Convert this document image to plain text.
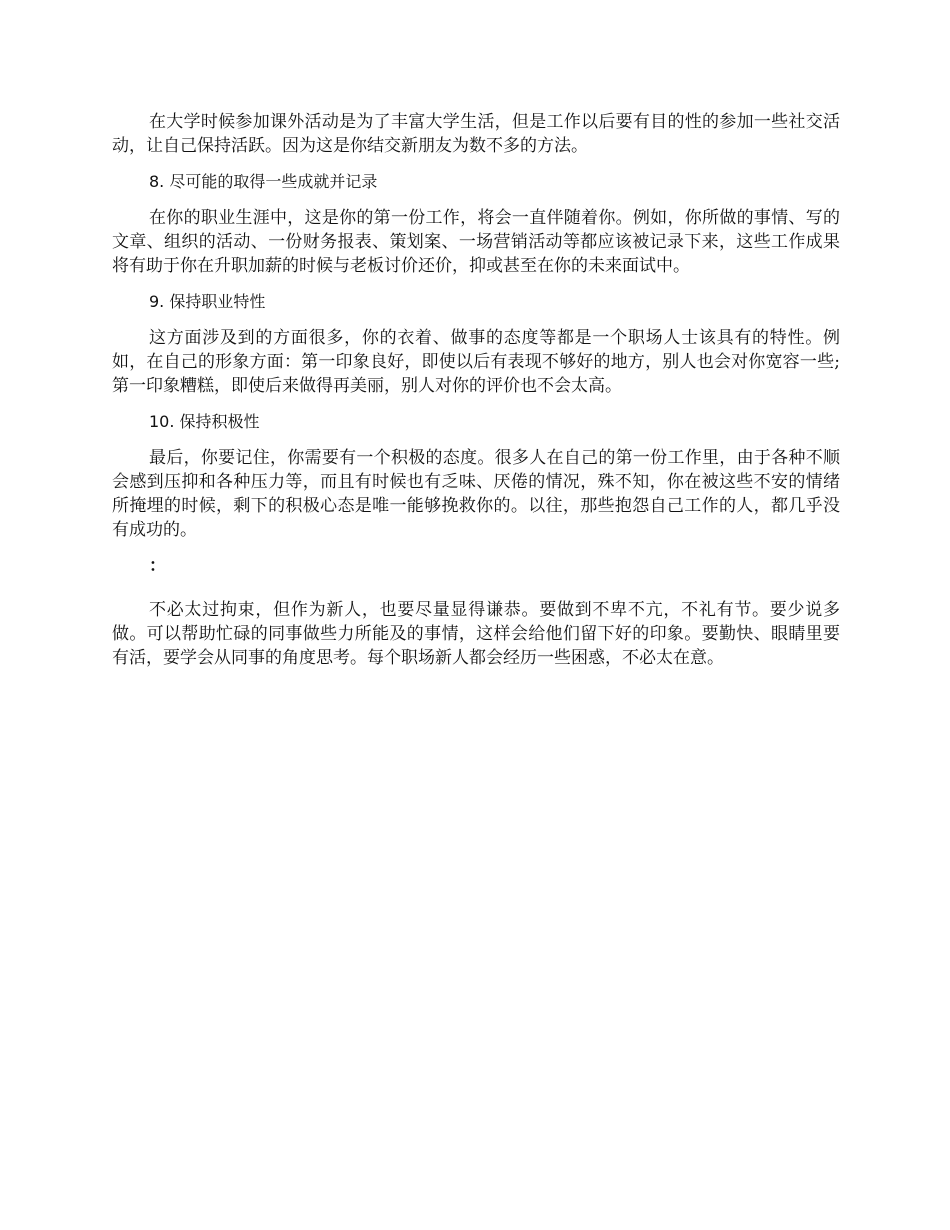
在大学时候参加课外活动是为了丰富大学生活，但是工作以后要有目的性的参加一些社交活动，让自己保持活跃。因为这是你结交新朋友为数不多的方法。

8. 尽可能的取得一些成就并记录

在你的职业生涯中，这是你的第一份工作，将会一直伴随着你。例如，你所做的事情、写的文章、组织的活动、一份财务报表、策划案、一场营销活动等都应该被记录下来，这些工作成果将有助于你在升职加薪的时候与老板讨价还价，抑或甚至在你的未来面试中。

9. 保持职业特性

这方面涉及到的方面很多，你的衣着、做事的态度等都是一个职场人士该具有的特性。例如，在自己的形象方面：第一印象良好，即使以后有表现不够好的地方，别人也会对你宽容一些;第一印象糟糕，即使后来做得再美丽，别人对你的评价也不会太高。

10. 保持积极性

最后，你要记住，你需要有一个积极的态度。很多人在自己的第一份工作里，由于各种不顺会感到压抑和各种压力等，而且有时候也有乏味、厌倦的情况，殊不知，你在被这些不安的情绪所掩埋的时候，剩下的积极心态是唯一能够挽救你的。以往，那些抱怨自己工作的人，都几乎没有成功的。

：

不必太过拘束，但作为新人，也要尽量显得谦恭。要做到不卑不亢，不礼有节。要少说多做。可以帮助忙碌的同事做些力所能及的事情，这样会给他们留下好的印象。要勤快、眼睛里要有活，要学会从同事的角度思考。每个职场新人都会经历一些困惑，不必太在意。
